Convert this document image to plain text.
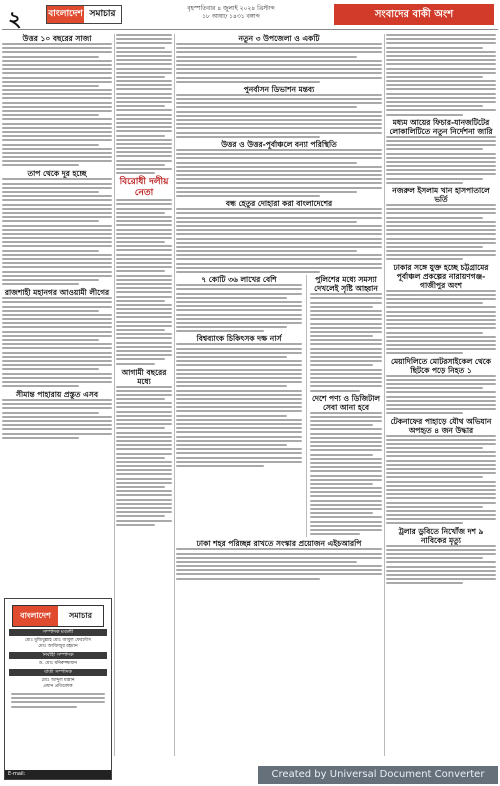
২	বাংলাদেশ সমাচার
বৃহস্পতিবার ৪ জুলাই ২০২৪ খ্রিস্টাব্দ
১৮ আষাঢ় ১৪৩১ বঙ্গাব্দ	সংবাদের বাকী অংশ
উত্তর ১০ বছরের সাজা
তাপ থেকে দূর হচ্ছে
রাজশাহী মহানগর আওয়ামী লীগের
সীমান্ত পাহারায় প্রস্তুত এসব
বাংলাদেশ	সমাচার
সম্পাদক মণ্ডলী
মোঃ মুজিবুল্লাহ মোঃ আবুল ফেরদৌস
মোঃ আজিজুর রহমান
নির্বাহী সম্পাদক
ড. মোঃ মনিরুজ্জামান
বার্তা সম্পাদক
মোঃ আব্দুল মান্নান
প্রধান প্রতিবেদক
E-mail: bangladeshsomachar@gmail.com
বিরোধী দলীয় নেতা
আগামী বছরের মধ্যে
নতুন ৩ উপজেলা ও একটি
পুনর্বাসন ডিভাশন মন্তব্য
উত্তর ও উত্তর-পূর্বাঞ্চলে বন্যা পরিস্থিতি
বন্ধ হেতুর দোহারা করা বাংলাদেশের
৭ কোটি ৩৬ লাখের বেশি
বিশ্বব্যাংক চিকিৎসক দক্ষ নার্স
পুলিশের মধ্যে সমস্যা দেখলেই সৃষ্টি আহ্বান
দেশে পণ্য ও ডিজিটাল সেবা আনা হবে
ঢাকা শহর পরিচ্ছন্ন রাখতে সংস্কার প্রয়োজন এইচআরপি
মধ্যম আয়ের ফিচার-যানজটিটের লোকালিটিতে নতুন নির্দেশনা জারি
নজরুল ইসলাম খান হাসপাতালে ভর্তি
ঢাকার সঙ্গে যুক্ত হচ্ছে চট্টগ্রামের পূর্বাঞ্চল প্রকল্পের নারায়ণগঞ্জ-গাজীপুর অংশ
মেয়াদিলিতে মোটরসাইকেল থেকে ছিটকে পড়ে নিহত ১
টেকনাফের পাহাড়ে যৌথ অভিযান অপহৃত ৪ জন উদ্ধার
ট্রলার ডুবিতে নিখোঁজ দশ ৯ নাবিকের মৃত্যু
Created by Universal Document Converter
